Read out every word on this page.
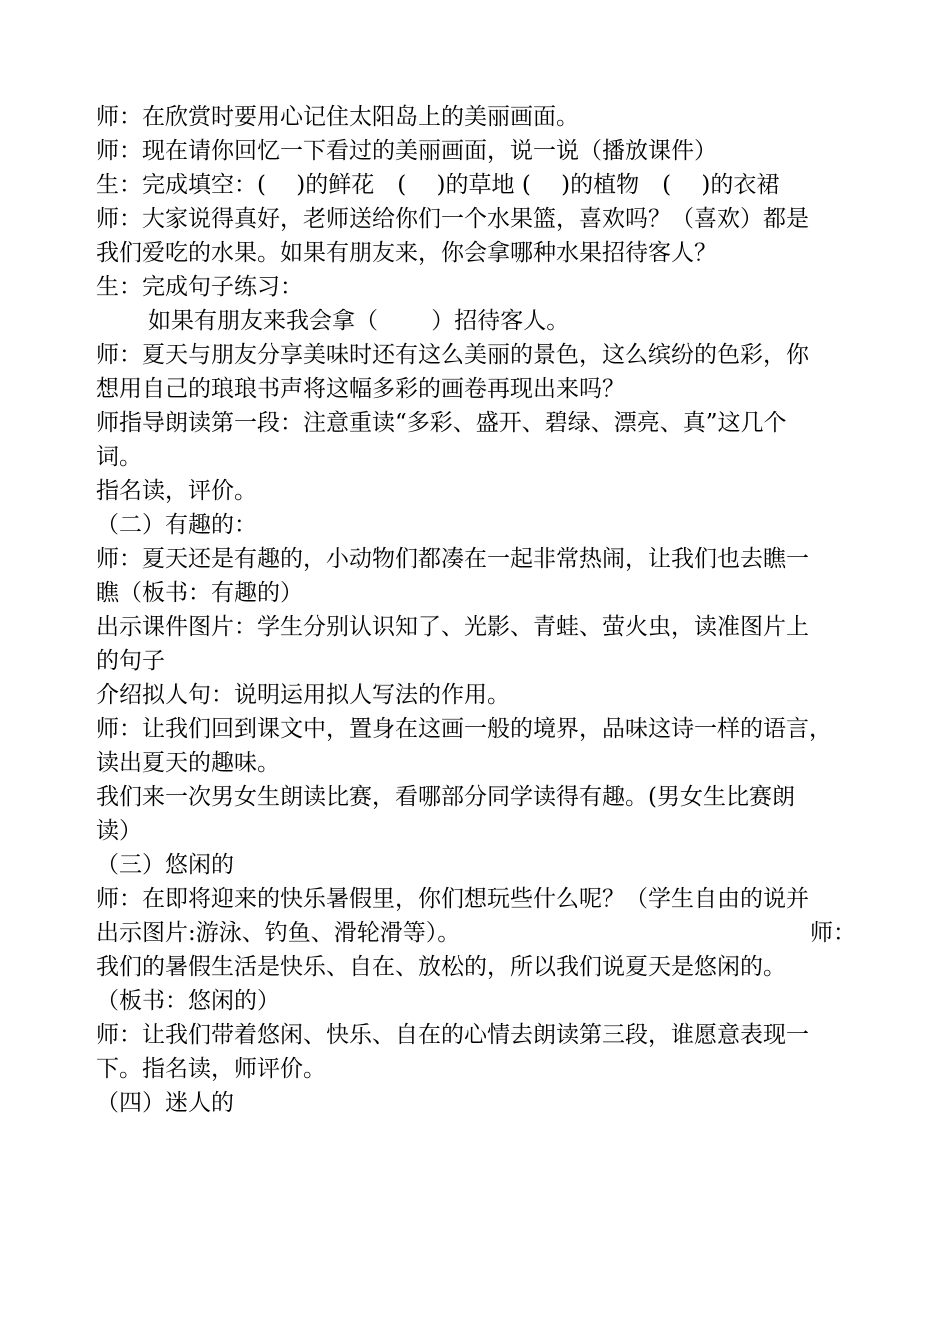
师：在欣赏时要用心记住太阳岛上的美丽画面。
师：现在请你回忆一下看过的美丽画面，说一说（播放课件）
生：完成填空：(　 )的鲜花　(　 )的草地 (　 )的植物　(　 )的衣裙
师：大家说得真好，老师送给你们一个水果篮，喜欢吗？（喜欢）都是
我们爱吃的水果。如果有朋友来，你会拿哪种水果招待客人？
生：完成句子练习：
如果有朋友来我会拿（　　 ）招待客人。
师：夏天与朋友分享美味时还有这么美丽的景色，这么缤纷的色彩，你
想用自己的琅琅书声将这幅多彩的画卷再现出来吗？
师指导朗读第一段：注意重读“多彩、盛开、碧绿、漂亮、真”这几个
词。
指名读，评价。
（二）有趣的：
师：夏天还是有趣的，小动物们都凑在一起非常热闹，让我们也去瞧一
瞧（板书：有趣的）
出示课件图片：学生分别认识知了、光影、青蛙、萤火虫，读准图片上
的句子
介绍拟人句：说明运用拟人写法的作用。
师：让我们回到课文中，置身在这画一般的境界，品味这诗一样的语言，
读出夏天的趣味。
我们来一次男女生朗读比赛，看哪部分同学读得有趣。(男女生比赛朗
读）
（三）悠闲的
师：在即将迎来的快乐暑假里，你们想玩些什么呢？（学生自由的说并
出示图片:游泳、钓鱼、滑轮滑等）。	师：
我们的暑假生活是快乐、自在、放松的，所以我们说夏天是悠闲的。
（板书：悠闲的）
师：让我们带着悠闲、快乐、自在的心情去朗读第三段，谁愿意表现一
下。指名读，师评价。
（四）迷人的
